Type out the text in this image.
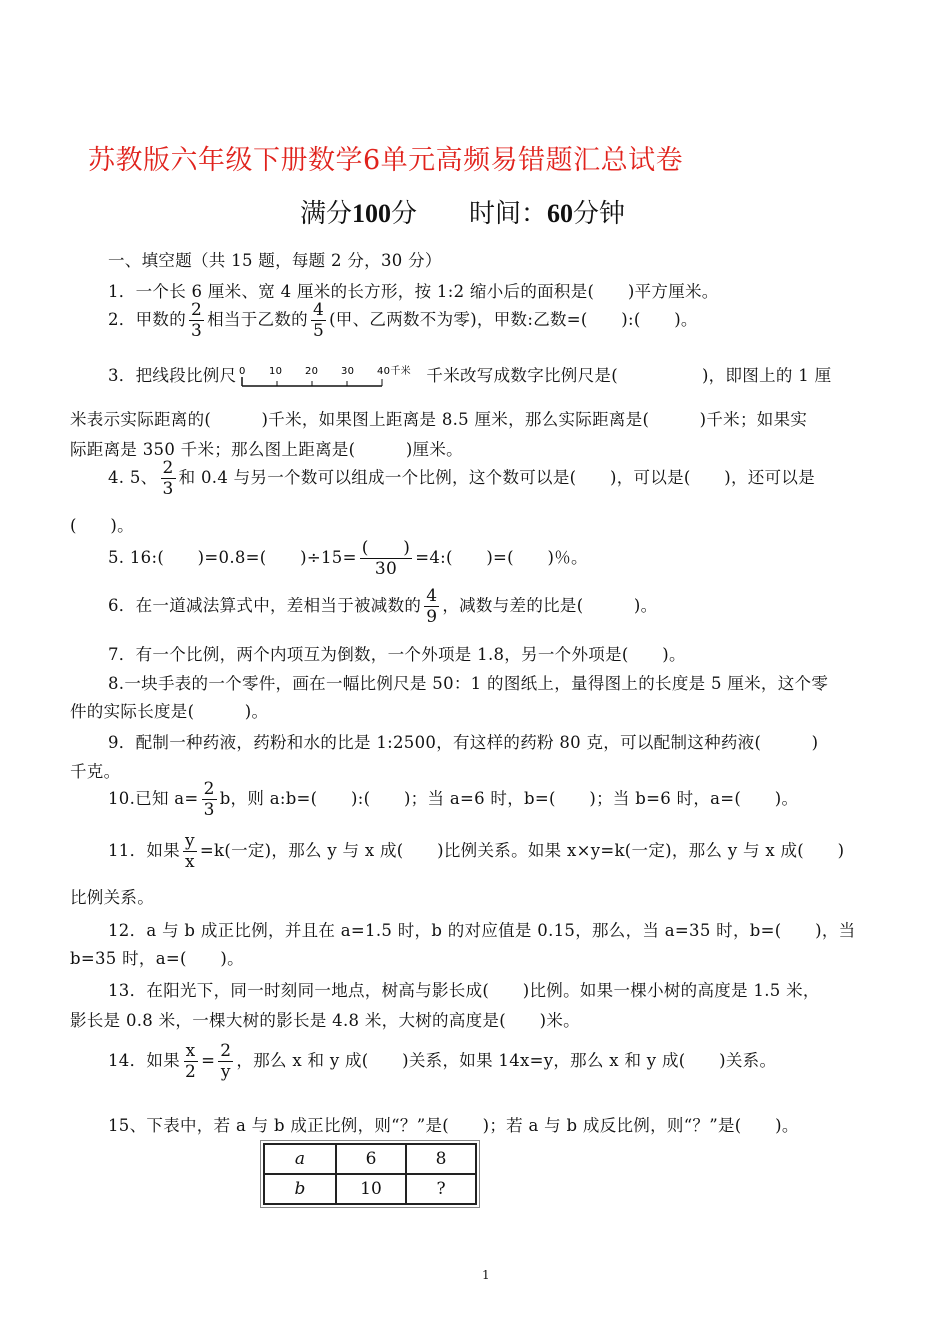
苏教版六年级下册数学6单元高频易错题汇总试卷
满分100分 时间：60分钟
一、填空题（共 15 题，每题 2 分，30 分）
1．一个长 6 厘米、宽 4 厘米的长方形，按 1:2 缩小后的面积是(　　)平方厘米。
2．甲数的 $\frac{2}{3}$ 相当于乙数的 $\frac{4}{5}$ (甲、乙两数不为零)，甲数:乙数=(　　):(　　)。
3．把线段比例尺 0 10 20 30 40千米 千米改写成数字比例尺是(　　　　　)，即图上的 1 厘
米表示实际距离的(　　　)千米，如果图上距离是 8.5 厘米，那么实际距离是(　　　)千米；如果实
际距离是 350 千米；那么图上距离是(　　　)厘米。
4. 5、 $\frac{2}{3}$ 和 0.4 与另一个数可以组成一个比例，这个数可以是(　　)，可以是(　　)，还可以是
(　　)。
5. 16:(　　)=0.8=(　　)$\div 15= \frac{( )}{30}$ =4:(　　)=(　　)％。
6．在一道减法算式中，差相当于被减数的 $\frac{4}{9}$ ，减数与差的比是(　　　)。
7．有一个比例，两个内项互为倒数，一个外项是 1.8，另一个外项是(　　)。
8.一块手表的一个零件，画在一幅比例尺是 50：1 的图纸上，量得图上的长度是 5 厘米，这个零
件的实际长度是(　　　)。
9．配制一种药液，药粉和水的比是 1:2500，有这样的药粉 80 克，可以配制这种药液(　　　)
千克。
10.已知 $a= \frac{2}{3}$ b，则 a:b=(　　):(　　)；当 a=6 时，b=(　　)；当 b=6 时，a=(　　)。
11．如果 $\frac{y}{x} =k$(一定)，那么 y 与 x 成(　　)比例关系。如果 x×y=k(一定)，那么 y 与 x 成(　　)
比例关系。
12．a 与 b 成正比例，并且在 a=1.5 时，b 的对应值是 0.15，那么，当 a=35 时，b=(　　)，当
b=35 时，a=(　　)。
13．在阳光下，同一时刻同一地点，树高与影长成(　　)比例。如果一棵小树的高度是 1.5 米，
影长是 0.8 米，一棵大树的影长是 4.8 米，大树的高度是(　　)米。
14．如果 $\frac{x}{2} = \frac{2}{y}$ ，那么 x 和 y 成(　　)关系，如果 14x=y，那么 x 和 y 成(　　)关系。
15、下表中，若 a 与 b 成正比例，则“？”是(　　)；若 a 与 b 成反比例，则“？”是(　　)。
a	6	8
b	10	?
1
